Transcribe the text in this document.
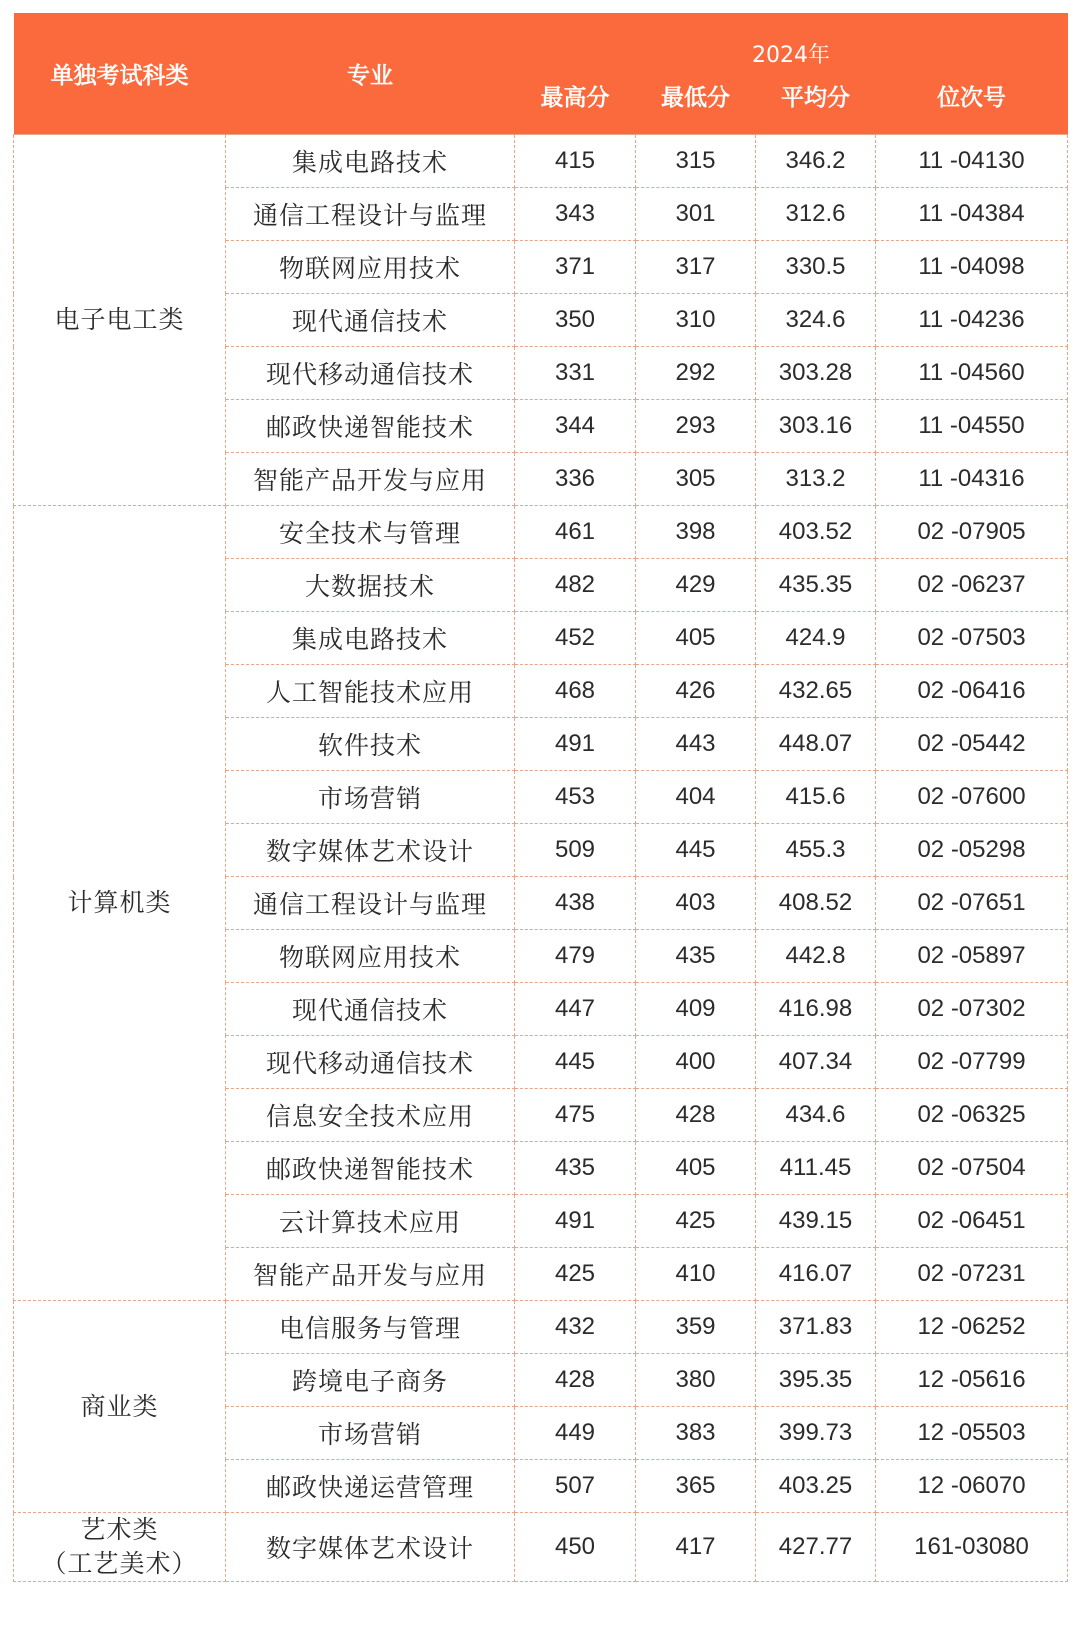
单独考试科类	专业	2024年			
		最高分	最低分	平均分	位次号
电子电工类	集成电路技术	415	315	346.2	11 -04130
	通信工程设计与监理	343	301	312.6	11 -04384
	物联网应用技术	371	317	330.5	11 -04098
	现代通信技术	350	310	324.6	11 -04236
	现代移动通信技术	331	292	303.28	11 -04560
	邮政快递智能技术	344	293	303.16	11 -04550
	智能产品开发与应用	336	305	313.2	11 -04316
计算机类	安全技术与管理	461	398	403.52	02 -07905
	大数据技术	482	429	435.35	02 -06237
	集成电路技术	452	405	424.9	02 -07503
	人工智能技术应用	468	426	432.65	02 -06416
	软件技术	491	443	448.07	02 -05442
	市场营销	453	404	415.6	02 -07600
	数字媒体艺术设计	509	445	455.3	02 -05298
	通信工程设计与监理	438	403	408.52	02 -07651
	物联网应用技术	479	435	442.8	02 -05897
	现代通信技术	447	409	416.98	02 -07302
	现代移动通信技术	445	400	407.34	02 -07799
	信息安全技术应用	475	428	434.6	02 -06325
	邮政快递智能技术	435	405	411.45	02 -07504
	云计算技术应用	491	425	439.15	02 -06451
	智能产品开发与应用	425	410	416.07	02 -07231
商业类	电信服务与管理	432	359	371.83	12 -06252
	跨境电子商务	428	380	395.35	12 -05616
	市场营销	449	383	399.73	12 -05503
	邮政快递运营管理	507	365	403.25	12 -06070
艺术类
（工艺美术）	数字媒体艺术设计	450	417	427.77	161-03080
